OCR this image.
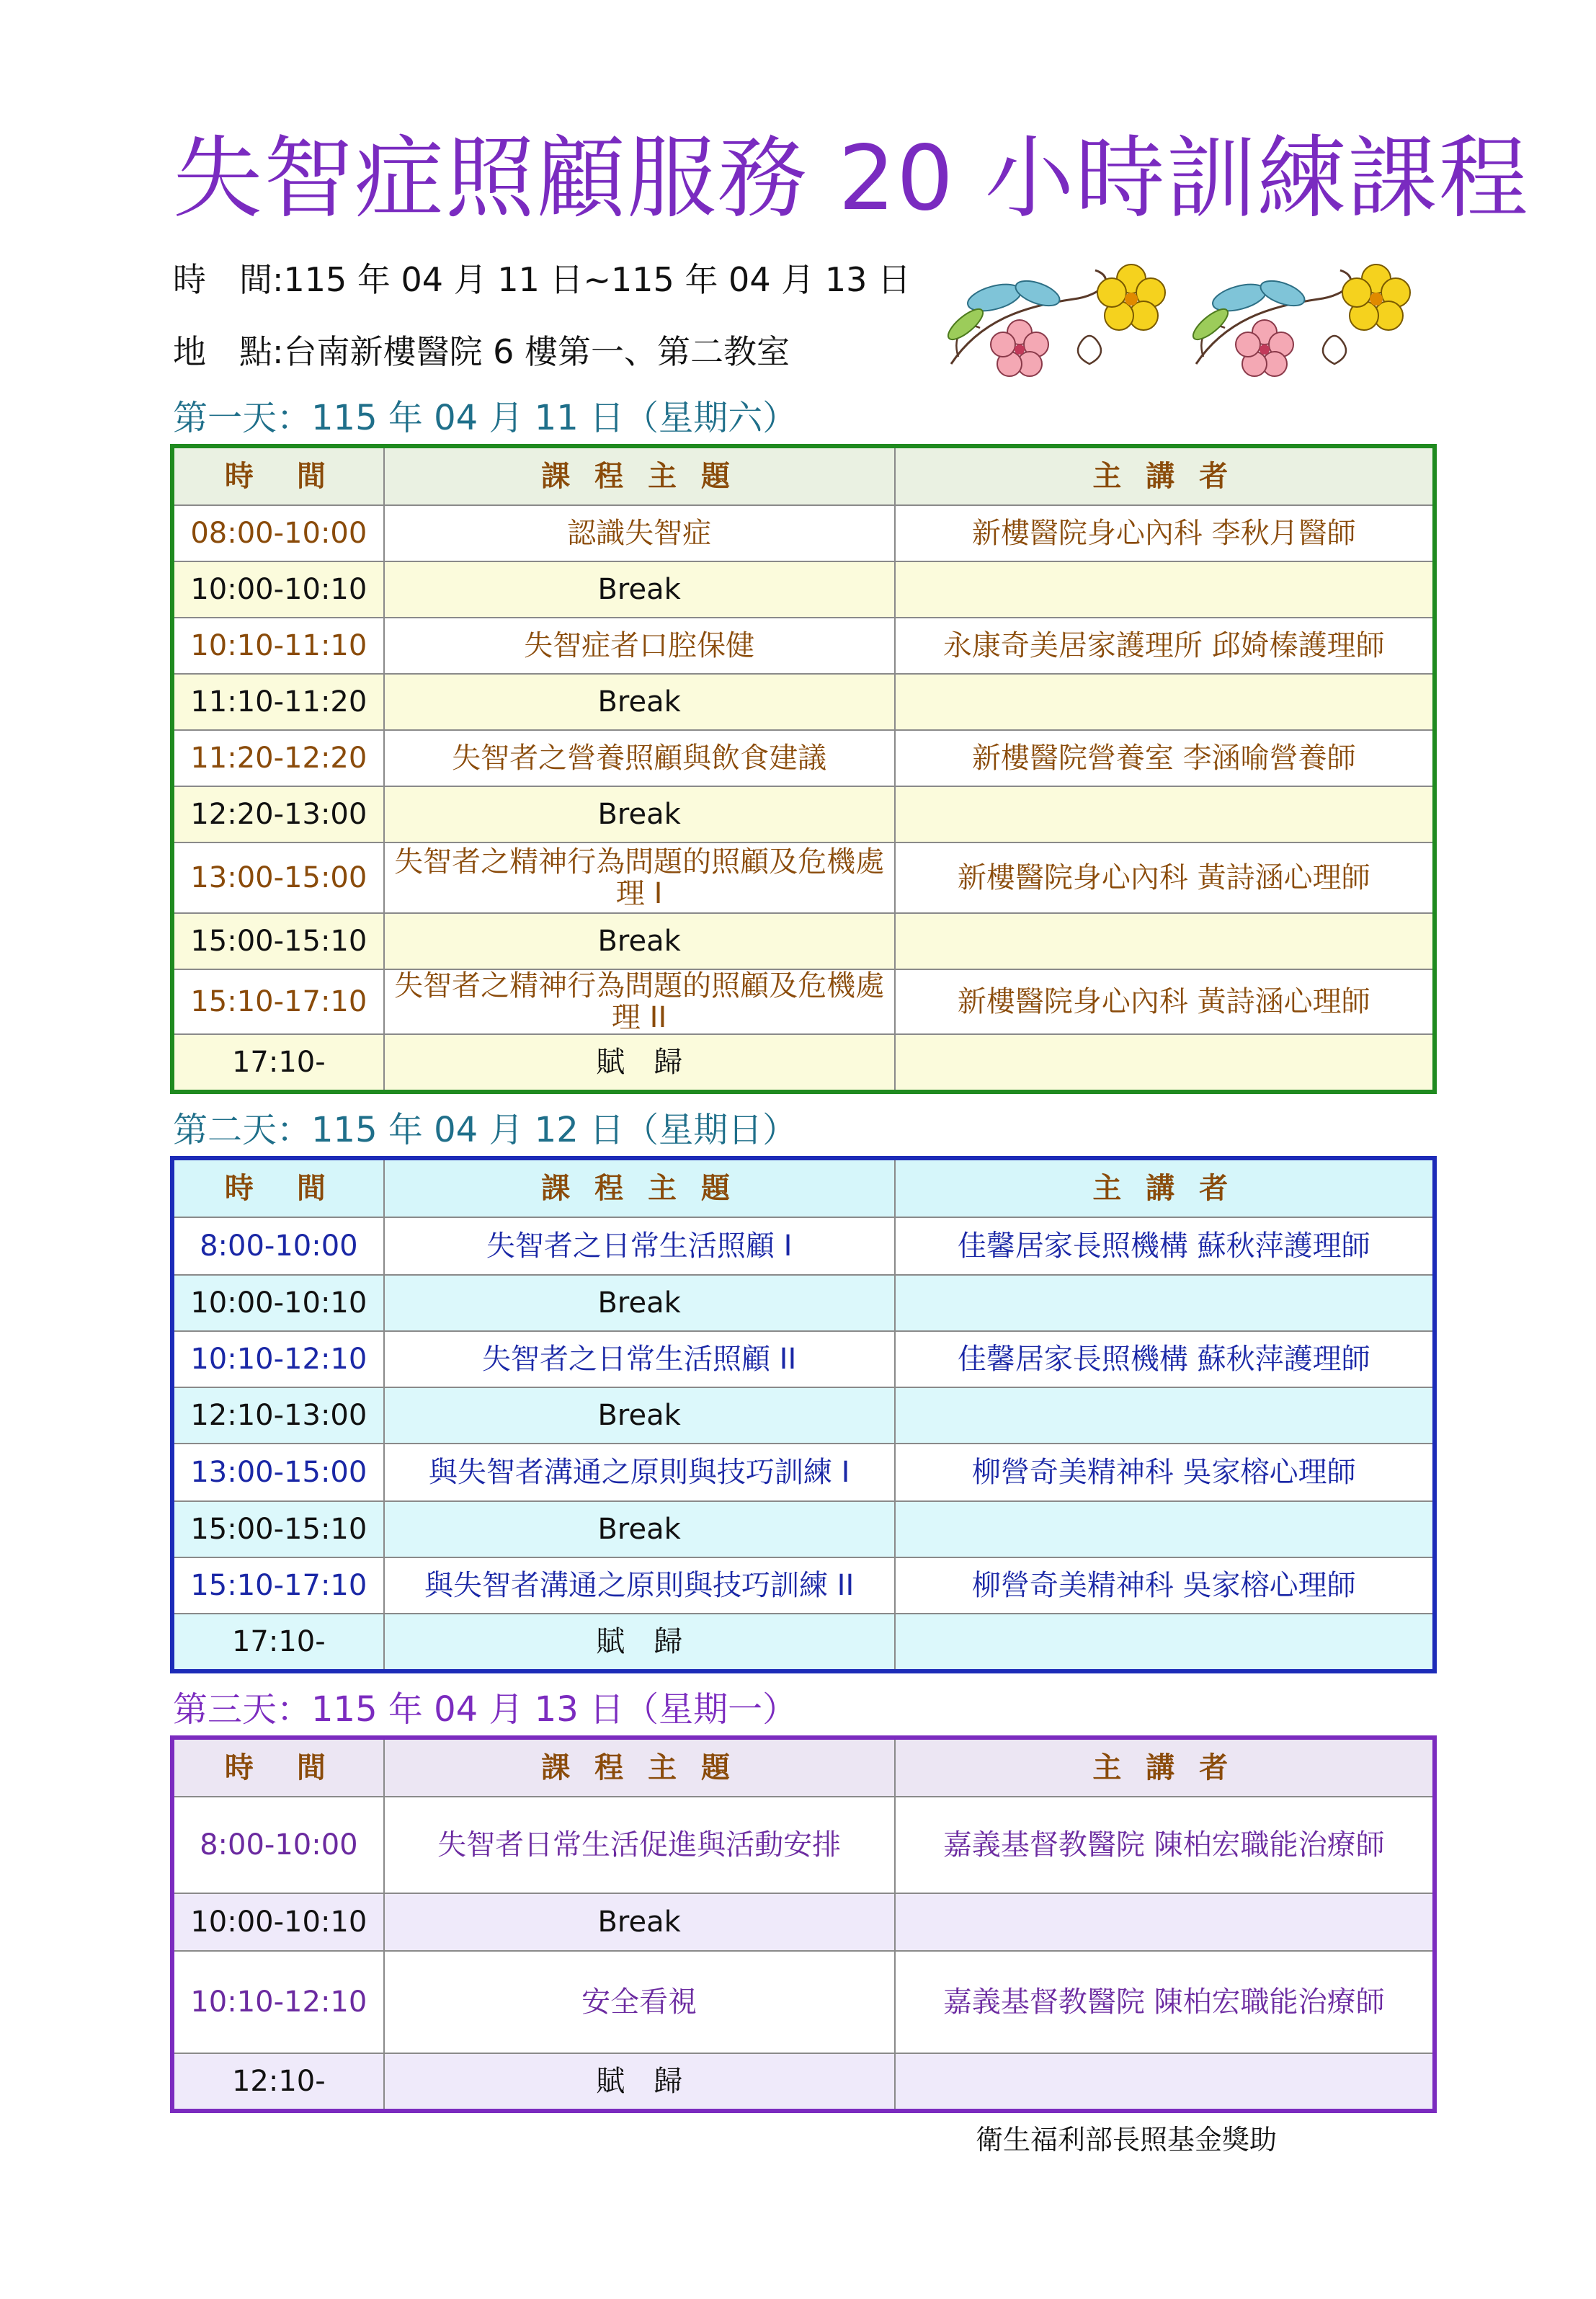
失智症照顧服務 20 小時訓練課程
時　間:115 年 04 月 11 日~115 年 04 月 13 日
地　點:台南新樓醫院 6 樓第一、第二教室
第一天：115 年 04 月 11 日（星期六）
時　間	課 程 主 題	主 講 者
08:00-10:00	認識失智症	新樓醫院身心內科 李秋月醫師
10:00-10:10	Break	
10:10-11:10	失智症者口腔保健	永康奇美居家護理所 邱婍榛護理師
11:10-11:20	Break	
11:20-12:20	失智者之營養照顧與飲食建議	新樓醫院營養室 李涵喻營養師
12:20-13:00	Break	
13:00-15:00	失智者之精神行為問題的照顧及危機處理 I	新樓醫院身心內科 黃詩涵心理師
15:00-15:10	Break	
15:10-17:10	失智者之精神行為問題的照顧及危機處理 II	新樓醫院身心內科 黃詩涵心理師
17:10-	賦　歸	
第二天：115 年 04 月 12 日（星期日）
時　間	課 程 主 題	主 講 者
8:00-10:00	失智者之日常生活照顧 I	佳馨居家長照機構 蘇秋萍護理師
10:00-10:10	Break	
10:10-12:10	失智者之日常生活照顧 II	佳馨居家長照機構 蘇秋萍護理師
12:10-13:00	Break	
13:00-15:00	與失智者溝通之原則與技巧訓練 I	柳營奇美精神科 吳家榕心理師
15:00-15:10	Break	
15:10-17:10	與失智者溝通之原則與技巧訓練 II	柳營奇美精神科 吳家榕心理師
17:10-	賦　歸	
第三天：115 年 04 月 13 日（星期一）
時　間	課 程 主 題	主 講 者
8:00-10:00	失智者日常生活促進與活動安排	嘉義基督教醫院 陳柏宏職能治療師
10:00-10:10	Break	
10:10-12:10	安全看視	嘉義基督教醫院 陳柏宏職能治療師
12:10-	賦　歸	
衛生福利部長照基金獎助
